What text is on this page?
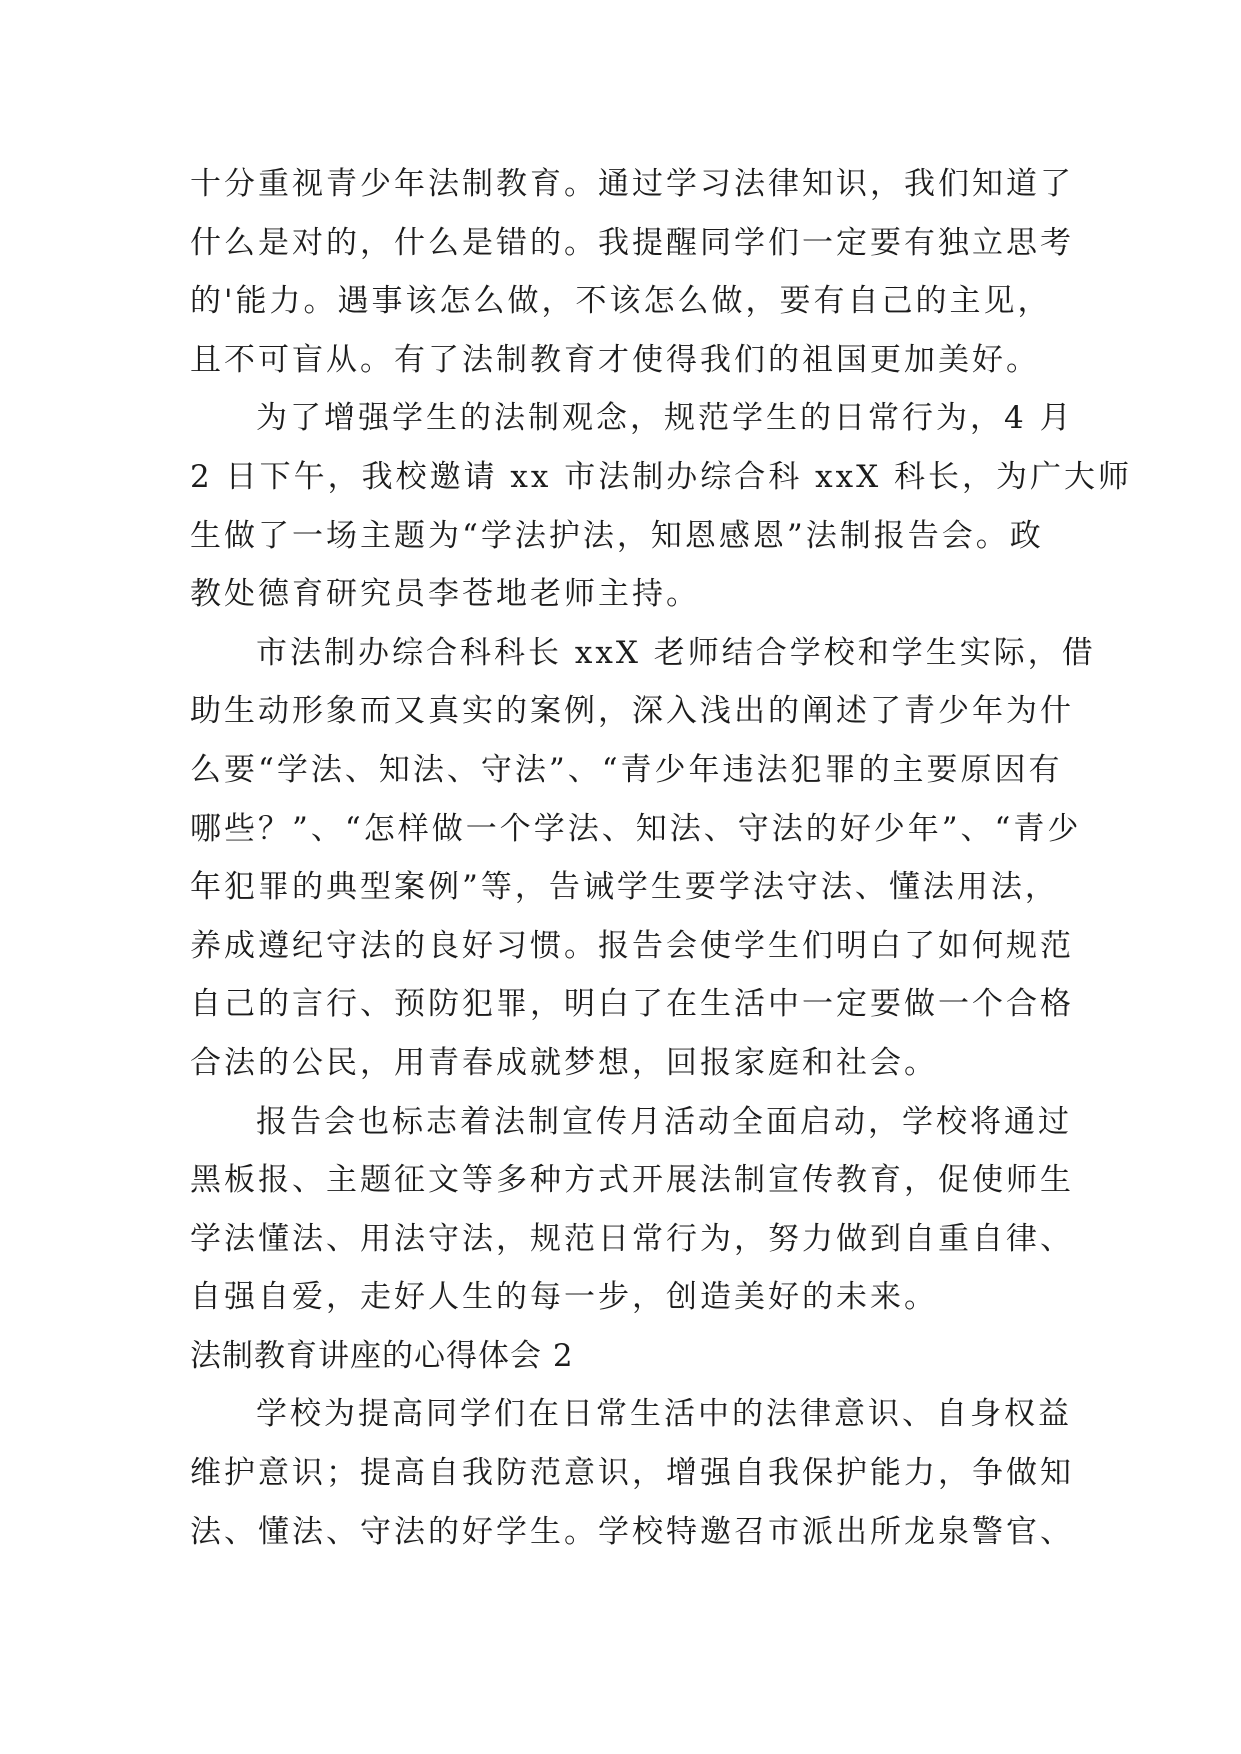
十分重视青少年法制教育。通过学习法律知识，我们知道了
什么是对的，什么是错的。我提醒同学们一定要有独立思考
的'能力。遇事该怎么做，不该怎么做，要有自己的主见，
且不可盲从。有了法制教育才使得我们的祖国更加美好。
为了增强学生的法制观念，规范学生的日常行为，4 月
2 日下午，我校邀请 xx 市法制办综合科 xxX 科长，为广大师
生做了一场主题为“学法护法，知恩感恩”法制报告会。政
教处德育研究员李苍地老师主持。
市法制办综合科科长 xxX 老师结合学校和学生实际，借
助生动形象而又真实的案例，深入浅出的阐述了青少年为什
么要“学法、知法、守法”、“青少年违法犯罪的主要原因有
哪些？”、“怎样做一个学法、知法、守法的好少年”、“青少
年犯罪的典型案例”等，告诫学生要学法守法、懂法用法，
养成遵纪守法的良好习惯。报告会使学生们明白了如何规范
自己的言行、预防犯罪，明白了在生活中一定要做一个合格
合法的公民，用青春成就梦想，回报家庭和社会。
报告会也标志着法制宣传月活动全面启动，学校将通过
黑板报、主题征文等多种方式开展法制宣传教育，促使师生
学法懂法、用法守法，规范日常行为，努力做到自重自律、
自强自爱，走好人生的每一步，创造美好的未来。
法制教育讲座的心得体会 2
学校为提高同学们在日常生活中的法律意识、自身权益
维护意识；提高自我防范意识，增强自我保护能力，争做知
法、懂法、守法的好学生。学校特邀召市派出所龙泉警官、
